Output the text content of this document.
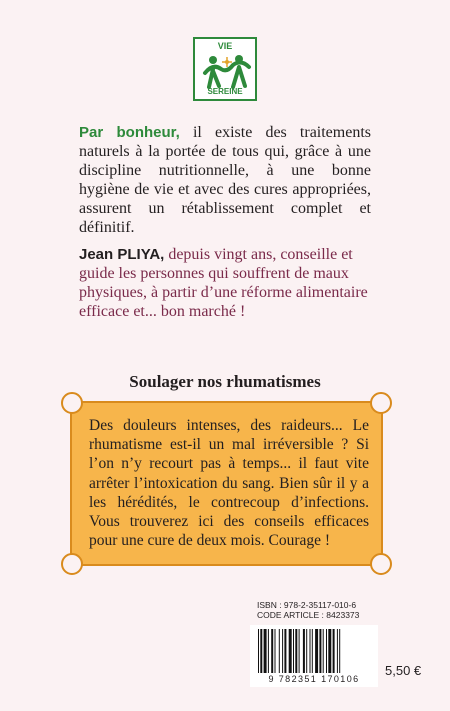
VIE
SEREINE

Par bonheur, il existe des traitements naturels à la portée de tous qui, grâce à une discipline nutritionnelle, à une bonne hygiène de vie et avec des cures appropriées, assurent un rétablissement complet et définitif.

Jean PLIYA, depuis vingt ans, conseille et guide les personnes qui souffrent de maux physiques, à partir d’une réforme alimentaire efficace et... bon marché !

Soulager nos rhumatismes

Des douleurs intenses, des raideurs... Le rhumatisme est-il un mal irréversible ? Si l’on n’y recourt pas à temps... il faut vite arrêter l’intoxication du sang. Bien sûr il y a les hérédités, le contrecoup d’infections. Vous trouverez ici des conseils efficaces pour une cure de deux mois. Courage !

ISBN : 978-2-35117-010-6
CODE ARTICLE : 8423373
9 782351 170106
5,50 €
